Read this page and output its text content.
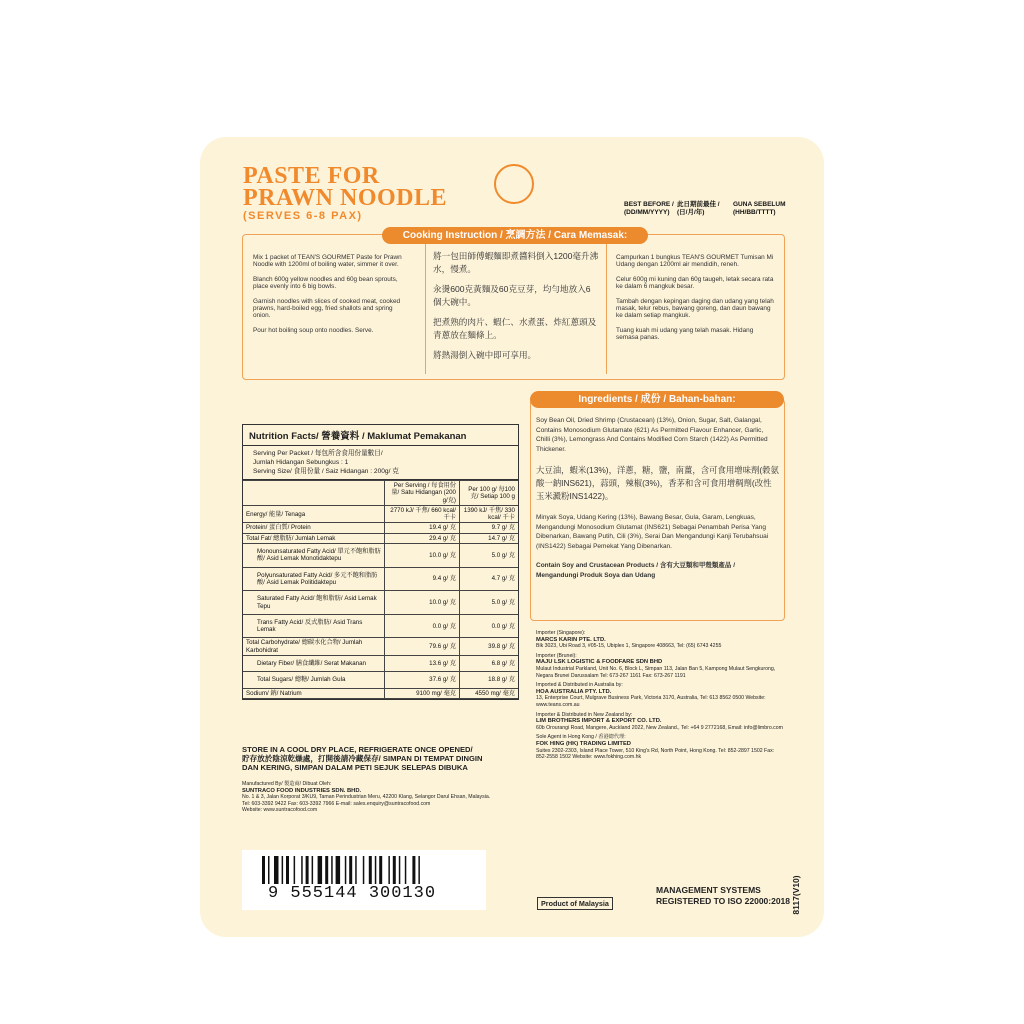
PASTE FOR
PRAWN NOODLE
(SERVES 6-8 PAX)
BEST BEFORE /
(DD/MM/YYYY)
此日期前最佳 /
(日/月/年)
GUNA SEBELUM
(HH/BB/TTTT)
Cooking Instruction / 烹調方法 / Cara Memasak:

Mix 1 packet of TEAN'S GOURMET Paste for Prawn Noodle with 1200ml of boiling water, simmer it over.

Blanch 600g yellow noodles and 60g bean sprouts, place evenly into 6 big bowls.

Garnish noodles with slices of cooked meat, cooked prawns, hard-boiled egg, fried shallots and spring onion.

Pour hot boiling soup onto noodles. Serve.

將一包田師傅蝦麵即煮醬料倒入1200毫升沸水，慢煮。

汆燙600克黃麵及60克豆芽，均勻地放入6個大碗中。

把煮熟的肉片、蝦仁、水煮蛋、炸紅蔥頭及青蔥放在麵條上。

將熱湯倒入碗中即可享用。

Campurkan 1 bungkus TEAN'S GOURMET Tumisan Mi Udang dengan 1200ml air mendidih, reneh.

Celur 600g mi kuning dan 60g taugeh, letak secara rata ke dalam 6 mangkuk besar.

Tambah dengan kepingan daging dan udang yang telah masak, telur rebus, bawang goreng, dan daun bawang ke dalam setiap mangkuk.

Tuang kuah mi udang yang telah masak. Hidang semasa panas.

Nutrition Facts/ 營養資料 / Maklumat Pemakanan
Serving Per Packet / 每包所含食用份量數目/
Jumlah Hidangan Sebungkus : 1
Serving Size/ 食用份量 / Saiz Hidangan : 200g/ 克
	Per Serving / 每食用份量/ Satu Hidangan (200 g/克)	Per 100 g/ 每100克/ Setiap 100 g
Energy/ 能量/ Tenaga	2770 kJ/ 千焦/ 660 kcal/ 千卡	1390 kJ/ 千焦/ 330 kcal/ 千卡
Protein/ 蛋白質/ Protein	19.4 g/ 克	9.7 g/ 克
Total Fat/ 總脂肪/ Jumlah Lemak	29.4 g/ 克	14.7 g/ 克
Monounsaturated Fatty Acid/ 單元不飽和脂肪酸/ Asid Lemak Monotidaktepu	10.0 g/ 克	5.0 g/ 克
Polyunsaturated Fatty Acid/ 多元不飽和脂肪酸/ Asid Lemak Politidaktepu	9.4 g/ 克	4.7 g/ 克
Saturated Fatty Acid/ 飽和脂肪/ Asid Lemak Tepu	10.0 g/ 克	5.0 g/ 克
Trans Fatty Acid/ 反式脂肪/ Asid Trans Lemak	0.0 g/ 克	0.0 g/ 克
Total Carbohydrate/ 總碳水化合物/ Jumlah Karbohidrat	79.6 g/ 克	39.8 g/ 克
Dietary Fiber/ 膳食纖維/ Serat Makanan	13.6 g/ 克	6.8 g/ 克
Total Sugars/ 總糖/ Jumlah Gula	37.6 g/ 克	18.8 g/ 克
Sodium/ 鈉/ Natrium	9100 mg/ 毫克	4550 mg/ 毫克
Ingredients / 成份 / Bahan-bahan:

Soy Bean Oil, Dried Shrimp (Crustacean) (13%), Onion, Sugar, Salt, Galangal, Contains Monosodium Glutamate (621) As Permitted Flavour Enhancer, Garlic, Chilli (3%), Lemongrass And Contains Modified Corn Starch (1422) As Permitted Thickener.

大豆油，蝦米(13%)，洋蔥，糖，鹽，南薑，含可食用增味劑(穀氨酸一鈉INS621)，蒜頭，辣椒(3%)，香茅和含可食用增稠劑(改性玉米澱粉INS1422)。

Minyak Soya, Udang Kering (13%), Bawang Besar, Gula, Garam, Lengkuas, Mengandungi Monosodium Glutamat (INS621) Sebagai Penambah Perisa Yang Dibenarkan, Bawang Putih, Cili (3%), Serai Dan Mengandungi Kanji Terubahsuai (INS1422) Sebagai Pemekat Yang Dibenarkan.

Contain Soy and Crustacean Products / 含有大豆類和甲殼類產品 / Mengandungi Produk Soya dan Udang

Importer (Singapore):
MARCS KARIN PTE. LTD.
Blk 3023, Ubi Road 3, #05-15, Ubiplex 1, Singapore 408663, Tel: (65) 6743 4255
Importer (Brunei):
MAJU LSK LOGISTIC & FOODFARE SDN BHD
Mulaut Industrial Parkland, Unit No. 6, Block L, Simpan 113, Jalan Ban 5, Kampong Mulaut Sengkurong, Negara Brunei Darussalam Tel: 673-267 1161 Fax: 673-267 1191
Imported & Distributed in Australia by:
HOA AUSTRALIA PTY. LTD.
13, Enterprise Court, Mulgrave Business Park, Victoria 3170, Australia, Tel: 613 8562 0500 Website: www.teans.com.au
Importer & Distributed in New Zealand by:
LIM BROTHERS IMPORT & EXPORT CO. LTD.
60b Orourangi Road, Mangere, Auckland 2022, New Zealand., Tel: +64 9 2772168, Email: info@limbro.com
Sole Agent in Hong Kong / 香港總代理:
FOK HING (HK) TRADING LIMITED
Suites 2302-2303, Island Place Tower, 510 King's Rd, North Point, Hong Kong. Tel: 852-2897 1502 Fax: 852-2558 1502 Website: www.fokhing.com.hk
STORE IN A COOL DRY PLACE, REFRIGERATE ONCE OPENED/
貯存放於陰涼乾燥處，打開後請冷藏保存/ SIMPAN DI TEMPAT DINGIN
DAN KERING, SIMPAN DALAM PETI SEJUK SELEPAS DIBUKA
Manufactured By/ 製造商/ Dibuat Oleh:
SUNTRACO FOOD INDUSTRIES SDN. BHD.
No. 1 & 3, Jalan Korporat 3/KU9, Taman Perindustrian Meru, 42200 Klang, Selangor Darul Ehsan, Malaysia.
Tel: 603-3392 9422 Fax: 603-3392 7966 E-mail: sales.enquiry@suntracofood.com
Website: www.suntracofood.com
9 555144 300130
Product of Malaysia
MANAGEMENT SYSTEMS
REGISTERED TO ISO 22000:2018 8117(V10)
